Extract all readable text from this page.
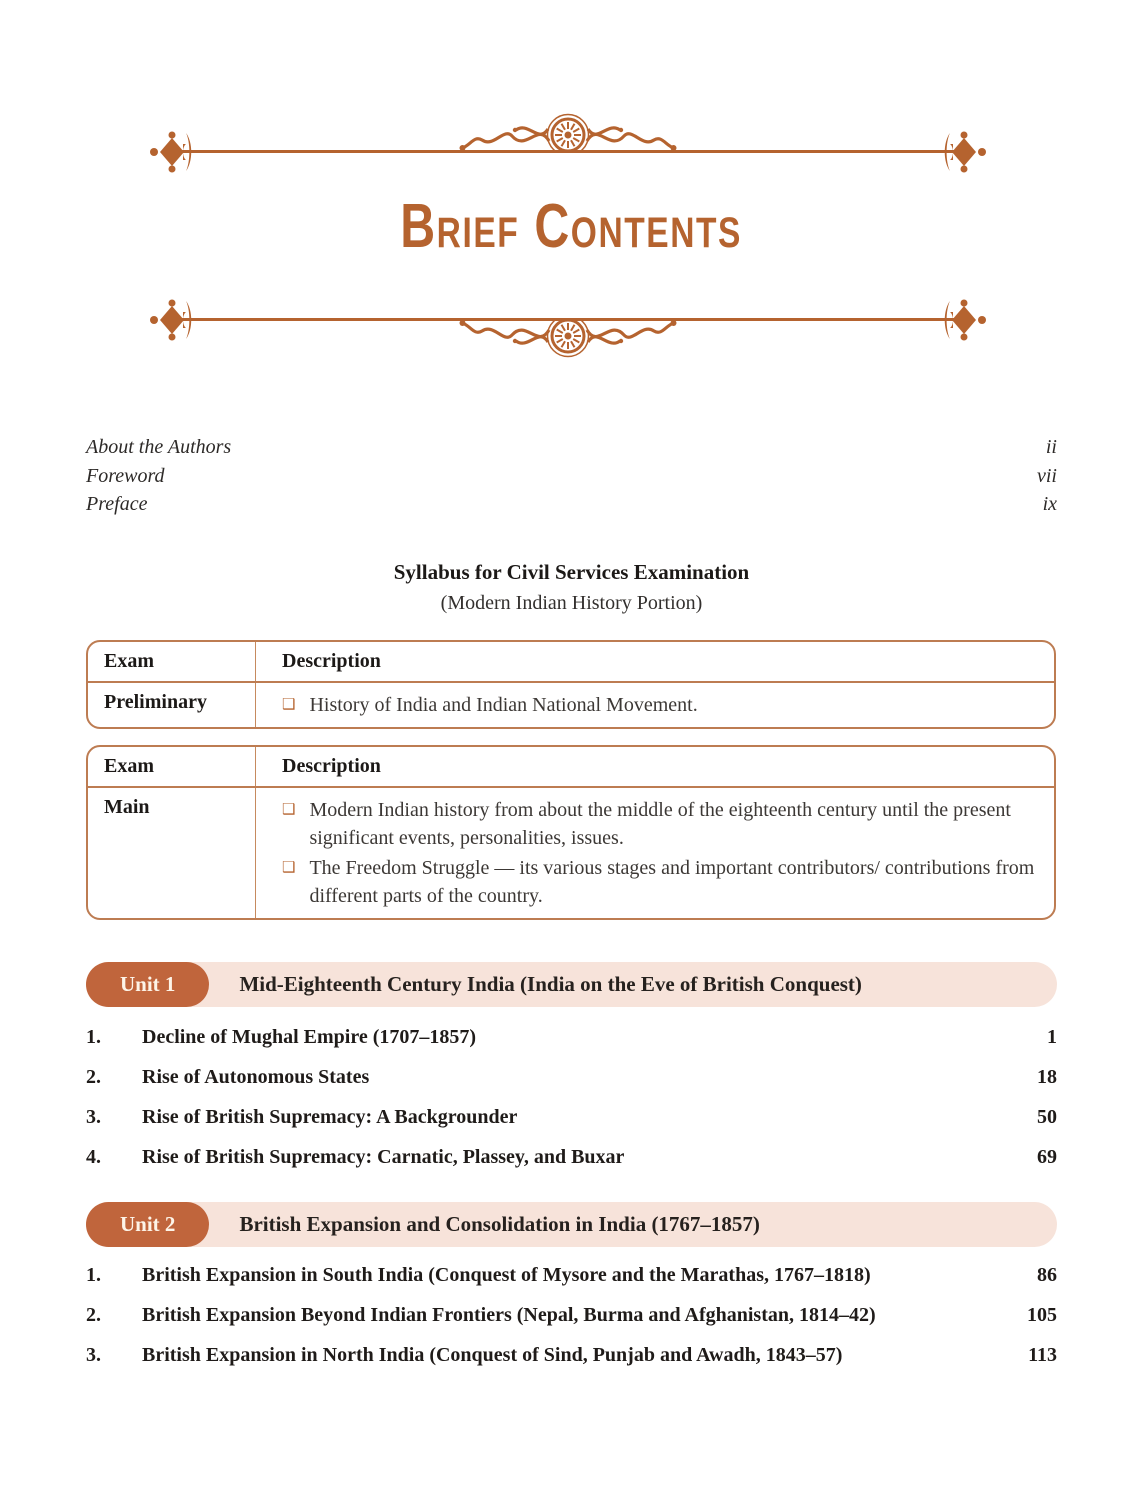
Brief Contents
About the Authors	ii
Foreword	vii
Preface	ix
Syllabus for Civil Services Examination
(Modern Indian History Portion)
Exam	Description
Preliminary	❑ History of India and Indian National Movement.
Exam	Description
Main	❑ Modern Indian history from about the middle of the eighteenth century until the present significant events, personalities, issues.
❑ The Freedom Struggle — its various stages and important contributors/ contributions from different parts of the country.
Unit 1	Mid-Eighteenth Century India (India on the Eve of British Conquest)
1.	Decline of Mughal Empire (1707–1857)	1
2.	Rise of Autonomous States	18
3.	Rise of British Supremacy: A Backgrounder	50
4.	Rise of British Supremacy: Carnatic, Plassey, and Buxar	69
Unit 2	British Expansion and Consolidation in India (1767–1857)
1.	British Expansion in South India (Conquest of Mysore and the Marathas, 1767–1818)	86
2.	British Expansion Beyond Indian Frontiers (Nepal, Burma and Afghanistan, 1814–42)	105
3.	British Expansion in North India (Conquest of Sind, Punjab and Awadh, 1843–57)	113
